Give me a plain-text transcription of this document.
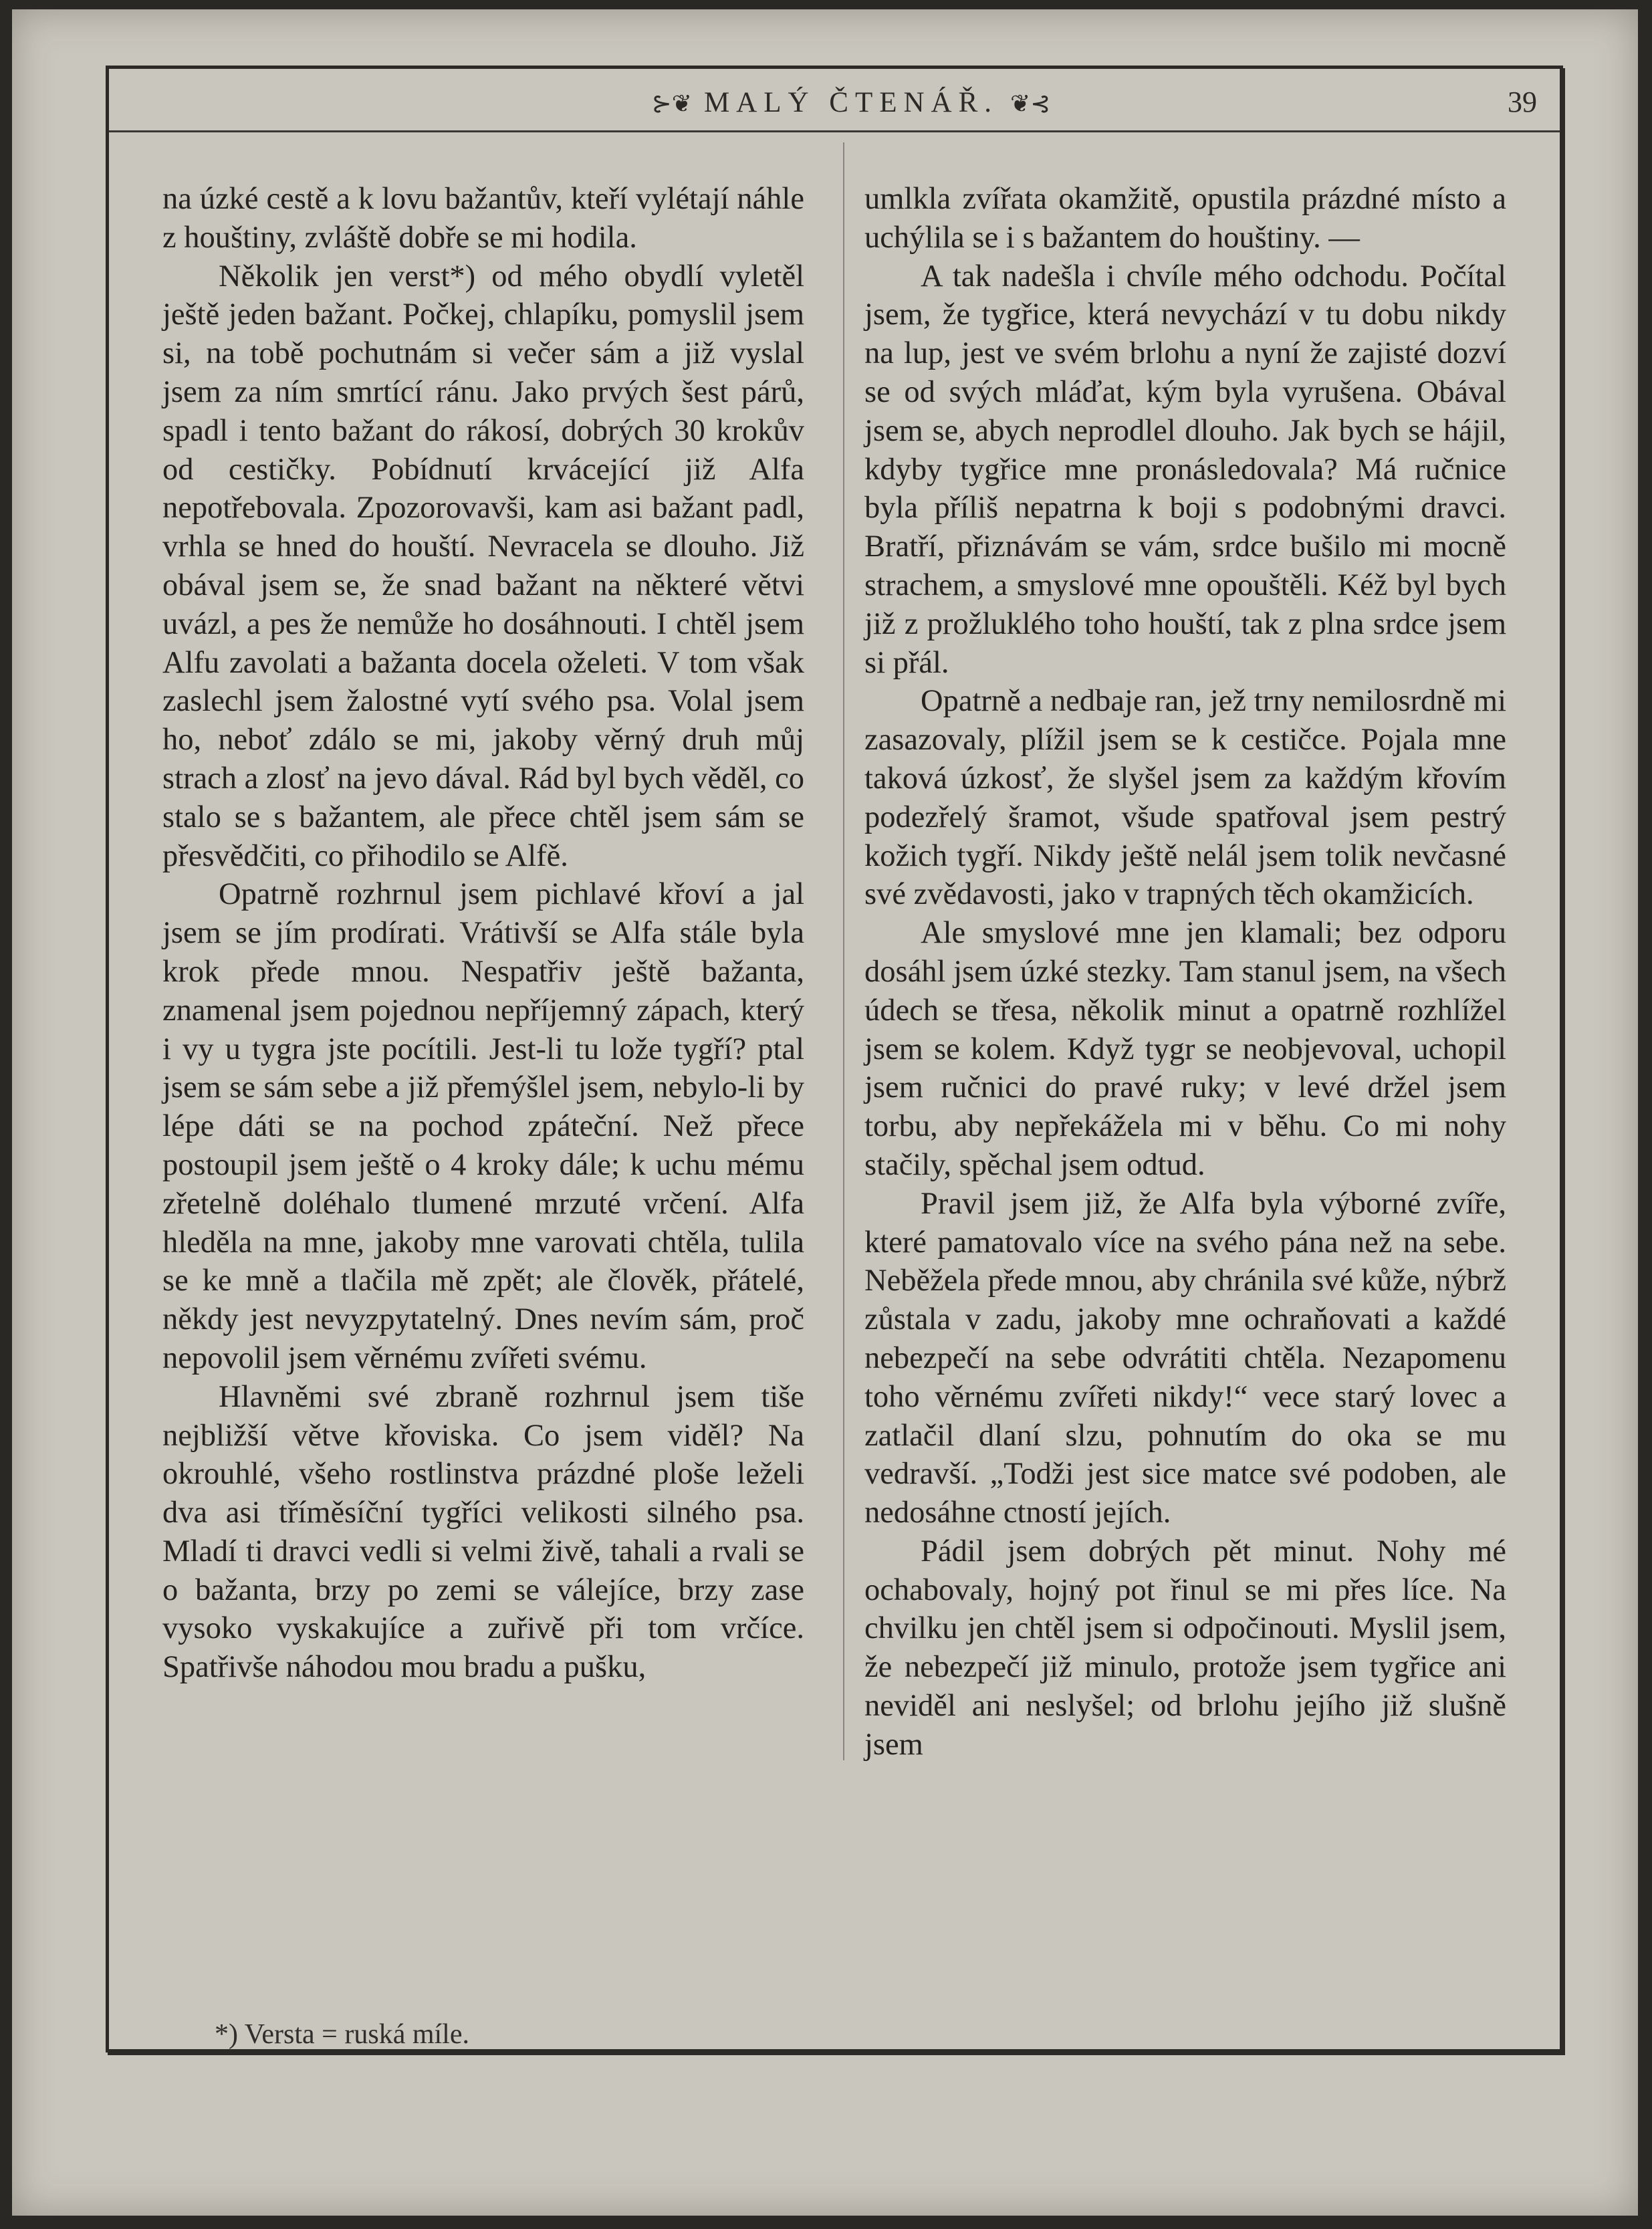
⊱❦ MALÝ ČTENÁŘ. ❦⊰	39

na úzké cestě a k lovu bažantův, kteří vylétají náhle z houštiny, zvláště dobře se mi hodila.

Několik jen verst*) od mého obydlí vyletěl ještě jeden bažant. Počkej, chlapíku, pomyslil jsem si, na tobě pochutnám si večer sám a již vyslal jsem za ním smrtící ránu. Jako prvých šest párů, spadl i tento bažant do rákosí, dobrých 30 krokův od cestičky. Pobídnutí krvácející již Alfa nepotřebovala. Zpozorovavši, kam asi bažant padl, vrhla se hned do houští. Nevracela se dlouho. Již obával jsem se, že snad bažant na některé větvi uvázl, a pes že nemůže ho dosáhnouti. I chtěl jsem Alfu zavolati a bažanta docela oželeti. V tom však zaslechl jsem žalostné vytí svého psa. Volal jsem ho, neboť zdálo se mi, jakoby věrný druh můj strach a zlosť na jevo dával. Rád byl bych věděl, co stalo se s bažantem, ale přece chtěl jsem sám se přesvědčiti, co přihodilo se Alfě.

Opatrně rozhrnul jsem pichlavé křoví a jal jsem se jím prodírati. Vrátivší se Alfa stále byla krok přede mnou. Nespatřiv ještě bažanta, znamenal jsem pojednou nepříjemný zápach, který i vy u tygra jste pocítili. Jest-li tu lože tygří? ptal jsem se sám sebe a již přemýšlel jsem, nebylo-li by lépe dáti se na pochod zpáteční. Než přece postoupil jsem ještě o 4 kroky dále; k uchu mému zřetelně doléhalo tlumené mrzuté vrčení. Alfa hleděla na mne, jakoby mne varovati chtěla, tulila se ke mně a tlačila mě zpět; ale člověk, přátelé, někdy jest nevyzpytatelný. Dnes nevím sám, proč nepovolil jsem věrnému zvířeti svému.

Hlavněmi své zbraně rozhrnul jsem tiše nejbližší větve křoviska. Co jsem viděl? Na okrouhlé, všeho rostlinstva prázdné ploše leželi dva asi tříměsíční tygříci velikosti silného psa. Mladí ti dravci vedli si velmi živě, tahali a rvali se o bažanta, brzy po zemi se válejíce, brzy zase vysoko vyskakujíce a zuřivě při tom vrčíce. Spatřivše náhodou mou bradu a pušku,

umlkla zvířata okamžitě, opustila prázdné místo a uchýlila se i s bažantem do houštiny. —

A tak nadešla i chvíle mého odchodu. Počítal jsem, že tygřice, která nevychází v tu dobu nikdy na lup, jest ve svém brlohu a nyní že zajisté dozví se od svých mláďat, kým byla vyrušena. Obával jsem se, abych neprodlel dlouho. Jak bych se hájil, kdyby tygřice mne pronásledovala? Má ručnice byla příliš nepatrna k boji s podobnými dravci. Bratří, přiznávám se vám, srdce bušilo mi mocně strachem, a smyslové mne opouštěli. Kéž byl bych již z prožluklého toho houští, tak z plna srdce jsem si přál.

Opatrně a nedbaje ran, jež trny nemilosrdně mi zasazovaly, plížil jsem se k cestičce. Pojala mne taková úzkosť, že slyšel jsem za každým křovím podezřelý šramot, všude spatřoval jsem pestrý kožich tygří. Nikdy ještě nelál jsem tolik nevčasné své zvědavosti, jako v trapných těch okamžicích.

Ale smyslové mne jen klamali; bez odporu dosáhl jsem úzké stezky. Tam stanul jsem, na všech údech se třesa, několik minut a opatrně rozhlížel jsem se kolem. Když tygr se neobjevoval, uchopil jsem ručnici do pravé ruky; v levé držel jsem torbu, aby nepřekážela mi v běhu. Co mi nohy stačily, spěchal jsem odtud.

Pravil jsem již, že Alfa byla výborné zvíře, které pamatovalo více na svého pána než na sebe. Neběžela přede mnou, aby chránila své kůže, nýbrž zůstala v zadu, jakoby mne ochraňovati a každé nebezpečí na sebe odvrátiti chtěla. Nezapomenu toho věrnému zvířeti nikdy!“ vece starý lovec a zatlačil dlaní slzu, pohnutím do oka se mu vedravší. „Todži jest sice matce své podoben, ale nedosáhne ctností jejích.

Pádil jsem dobrých pět minut. Nohy mé ochabovaly, hojný pot řinul se mi přes líce. Na chvilku jen chtěl jsem si odpočinouti. Myslil jsem, že nebezpečí již minulo, protože jsem tygřice ani neviděl ani neslyšel; od brlohu jejího již slušně jsem

*) Versta = ruská míle.
